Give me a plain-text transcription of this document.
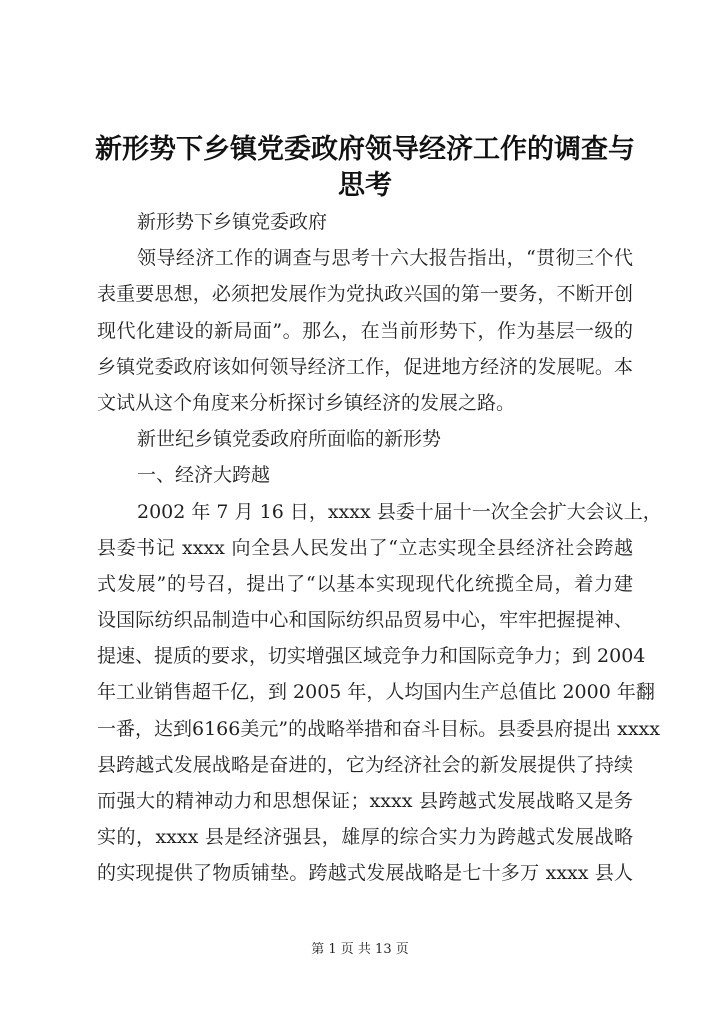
新形势下乡镇党委政府领导经济工作的调查与
思考
新形势下乡镇党委政府
领导经济工作的调查与思考十六大报告指出，“贯彻三个代
表重要思想，必须把发展作为党执政兴国的第一要务，不断开创
现代化建设的新局面”。那么，在当前形势下，作为基层一级的
乡镇党委政府该如何领导经济工作，促进地方经济的发展呢。本
文试从这个角度来分析探讨乡镇经济的发展之路。
新世纪乡镇党委政府所面临的新形势
一、经济大跨越
2002 年 7 月 16 日，xxxx 县委十届十一次全会扩大会议上，
县委书记 xxxx 向全县人民发出了“立志实现全县经济社会跨越
式发展”的号召，提出了“以基本实现现代化统揽全局，着力建
设国际纺织品制造中心和国际纺织品贸易中心，牢牢把握提神、
提速、提质的要求，切实增强区域竞争力和国际竞争力；到 2004
年工业销售超千亿，到 2005 年，人均国内生产总值比 2000 年翻
一番，达到6166美元”的战略举措和奋斗目标。县委县府提出 xxxx
县跨越式发展战略是奋进的，它为经济社会的新发展提供了持续
而强大的精神动力和思想保证；xxxx 县跨越式发展战略又是务
实的，xxxx 县是经济强县，雄厚的综合实力为跨越式发展战略
的实现提供了物质铺垫。跨越式发展战略是七十多万 xxxx 县人
第 1 页 共 13 页
